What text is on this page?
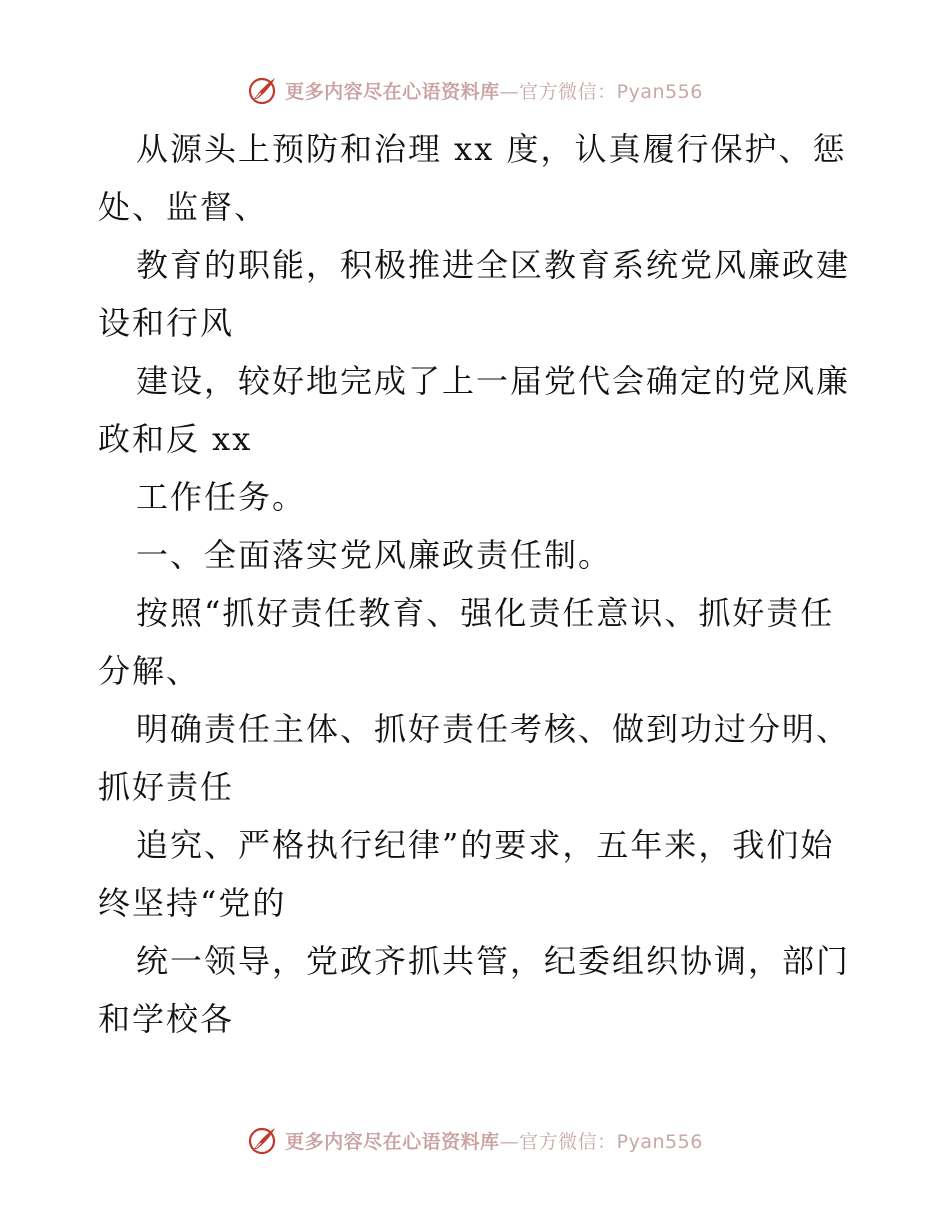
更多内容尽在心语资料库—官方微信：Pyan556
从源头上预防和治理 xx 度，认真履行保护、惩
处、监督、
教育的职能，积极推进全区教育系统党风廉政建
设和行风
建设，较好地完成了上一届党代会确定的党风廉
政和反 xx
工作任务。
一、全面落实党风廉政责任制。
按照“抓好责任教育、强化责任意识、抓好责任
分解、
明确责任主体、抓好责任考核、做到功过分明、
抓好责任
追究、严格执行纪律”的要求，五年来，我们始
终坚持“党的
统一领导，党政齐抓共管，纪委组织协调，部门
和学校各
更多内容尽在心语资料库—官方微信：Pyan556
